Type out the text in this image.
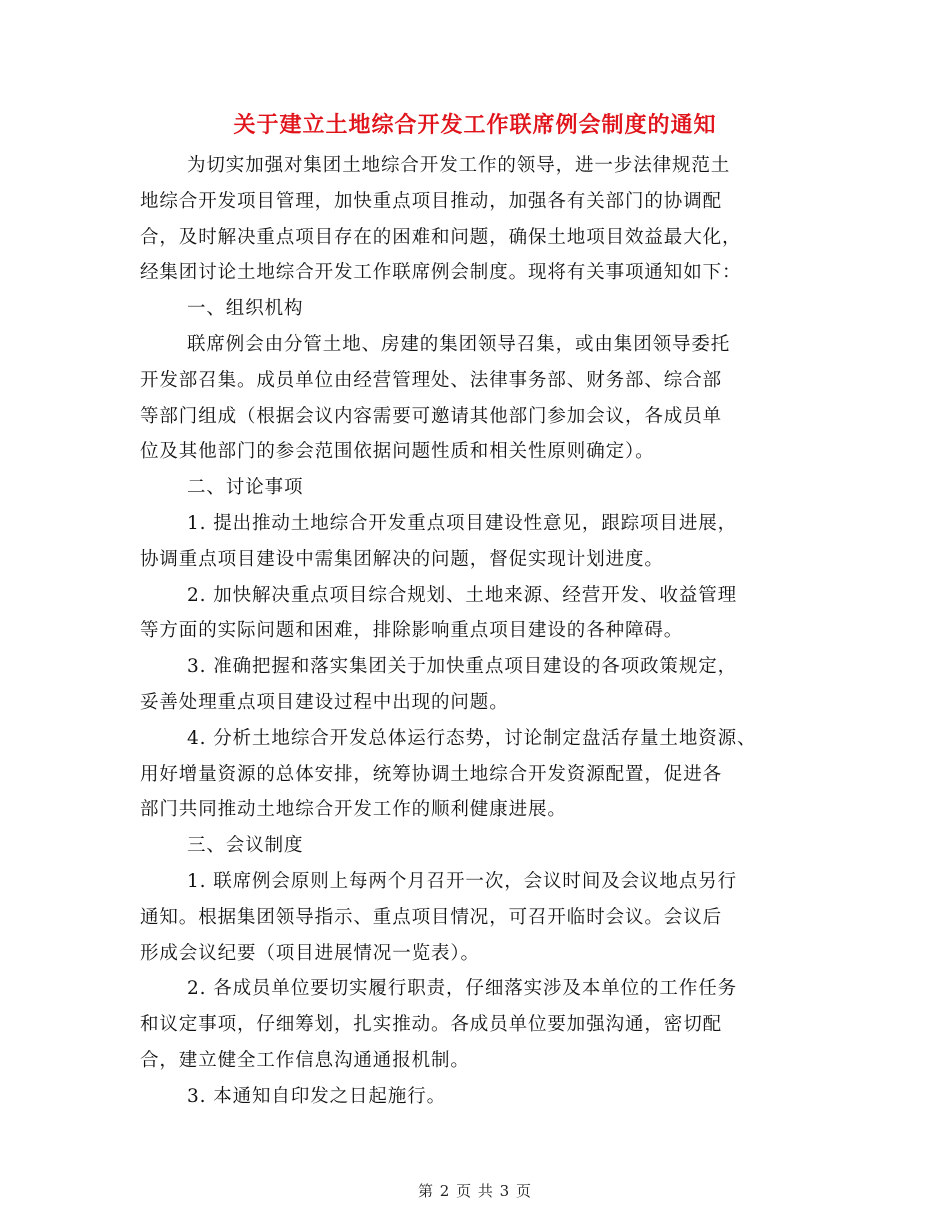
关于建立土地综合开发工作联席例会制度的通知
为切实加强对集团土地综合开发工作的领导，进一步法律规范土
地综合开发项目管理，加快重点项目推动，加强各有关部门的协调配
合，及时解决重点项目存在的困难和问题，确保土地项目效益最大化，
经集团讨论土地综合开发工作联席例会制度。现将有关事项通知如下：
一、组织机构
联席例会由分管土地、房建的集团领导召集，或由集团领导委托
开发部召集。成员单位由经营管理处、法律事务部、财务部、综合部
等部门组成（根据会议内容需要可邀请其他部门参加会议，各成员单
位及其他部门的参会范围依据问题性质和相关性原则确定）。
二、讨论事项
1. 提出推动土地综合开发重点项目建设性意见，跟踪项目进展，
协调重点项目建设中需集团解决的问题，督促实现计划进度。
2. 加快解决重点项目综合规划、土地来源、经营开发、收益管理
等方面的实际问题和困难，排除影响重点项目建设的各种障碍。
3. 准确把握和落实集团关于加快重点项目建设的各项政策规定，
妥善处理重点项目建设过程中出现的问题。
4. 分析土地综合开发总体运行态势，讨论制定盘活存量土地资源、
用好增量资源的总体安排，统筹协调土地综合开发资源配置，促进各
部门共同推动土地综合开发工作的顺利健康进展。
三、会议制度
1. 联席例会原则上每两个月召开一次，会议时间及会议地点另行
通知。根据集团领导指示、重点项目情况，可召开临时会议。会议后
形成会议纪要（项目进展情况一览表）。
2. 各成员单位要切实履行职责，仔细落实涉及本单位的工作任务
和议定事项，仔细筹划，扎实推动。各成员单位要加强沟通，密切配
合，建立健全工作信息沟通通报机制。
3. 本通知自印发之日起施行。
第 2 页 共 3 页
